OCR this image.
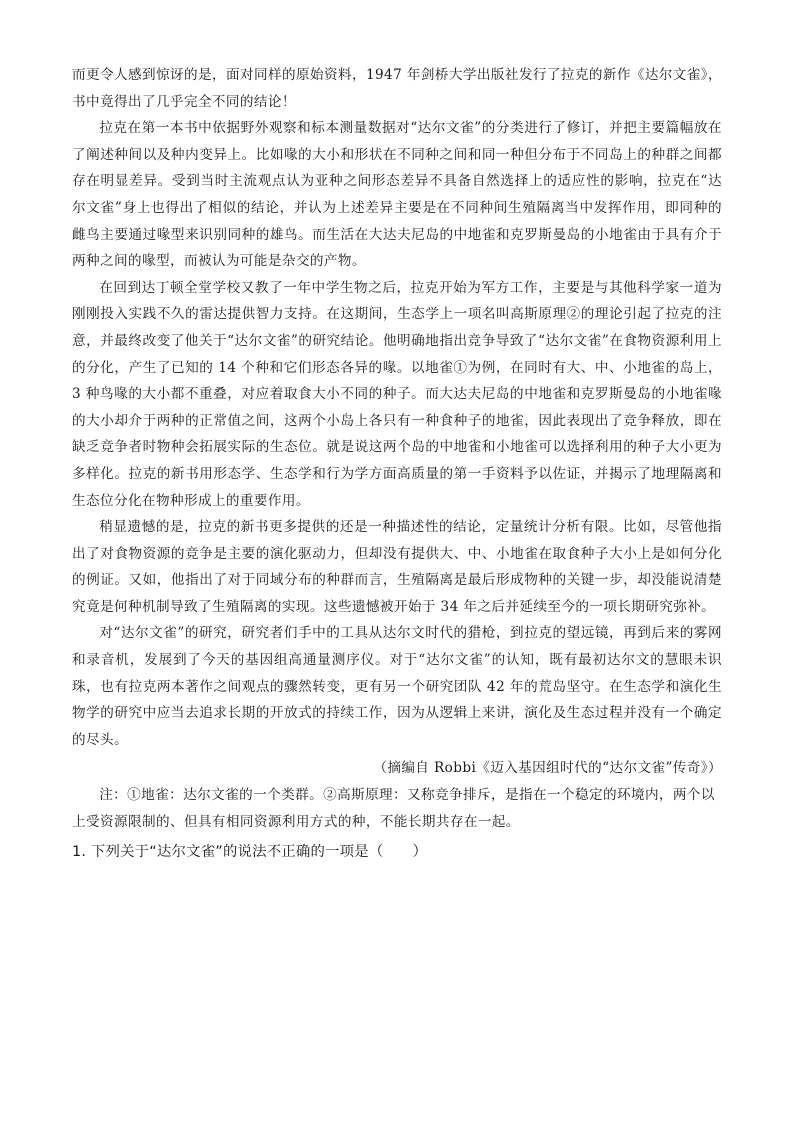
而更令人感到惊讶的是，面对同样的原始资料，1947 年剑桥大学出版社发行了拉克的新作《达尔文雀》，书中竟得出了几乎完全不同的结论！

拉克在第一本书中依据野外观察和标本测量数据对“达尔文雀”的分类进行了修订，并把主要篇幅放在了阐述种间以及种内变异上。比如喙的大小和形状在不同种之间和同一种但分布于不同岛上的种群之间都存在明显差异。受到当时主流观点认为亚种之间形态差异不具备自然选择上的适应性的影响，拉克在“达尔文雀”身上也得出了相似的结论，并认为上述差异主要是在不同种间生殖隔离当中发挥作用，即同种的雌鸟主要通过喙型来识别同种的雄鸟。而生活在大达夫尼岛的中地雀和克罗斯曼岛的小地雀由于具有介于两种之间的喙型，而被认为可能是杂交的产物。

在回到达丁顿全堂学校又教了一年中学生物之后，拉克开始为军方工作，主要是与其他科学家一道为刚刚投入实践不久的雷达提供智力支持。在这期间，生态学上一项名叫高斯原理②的理论引起了拉克的注意，并最终改变了他关于“达尔文雀”的研究结论。他明确地指出竞争导致了“达尔文雀”在食物资源利用上的分化，产生了已知的 14 个种和它们形态各异的喙。以地雀①为例，在同时有大、中、小地雀的岛上，3 种鸟喙的大小都不重叠，对应着取食大小不同的种子。而大达夫尼岛的中地雀和克罗斯曼岛的小地雀喙的大小却介于两种的正常值之间，这两个小岛上各只有一种食种子的地雀，因此表现出了竞争释放，即在缺乏竞争者时物种会拓展实际的生态位。就是说这两个岛的中地雀和小地雀可以选择利用的种子大小更为多样化。拉克的新书用形态学、生态学和行为学方面高质量的第一手资料予以佐证，并揭示了地理隔离和生态位分化在物种形成上的重要作用。

稍显遗憾的是，拉克的新书更多提供的还是一种描述性的结论，定量统计分析有限。比如，尽管他指出了对食物资源的竞争是主要的演化驱动力，但却没有提供大、中、小地雀在取食种子大小上是如何分化的例证。又如，他指出了对于同域分布的种群而言，生殖隔离是最后形成物种的关键一步，却没能说清楚究竟是何种机制导致了生殖隔离的实现。这些遗憾被开始于 34 年之后并延续至今的一项长期研究弥补。

对“达尔文雀”的研究，研究者们手中的工具从达尔文时代的猎枪，到拉克的望远镜，再到后来的雾网和录音机，发展到了今天的基因组高通量测序仪。对于“达尔文雀”的认知，既有最初达尔文的慧眼未识珠，也有拉克两本著作之间观点的骤然转变，更有另一个研究团队 42 年的荒岛坚守。在生态学和演化生物学的研究中应当去追求长期的开放式的持续工作，因为从逻辑上来讲，演化及生态过程并没有一个确定的尽头。

（摘编自 Robbi《迈入基因组时代的“达尔文雀”传奇》）

注：①地雀：达尔文雀的一个类群。②高斯原理：又称竞争排斥，是指在一个稳定的环境内，两个以上受资源限制的、但具有相同资源利用方式的种，不能长期共存在一起。

1. 下列关于“达尔文雀”的说法不正确的一项是（　　）
